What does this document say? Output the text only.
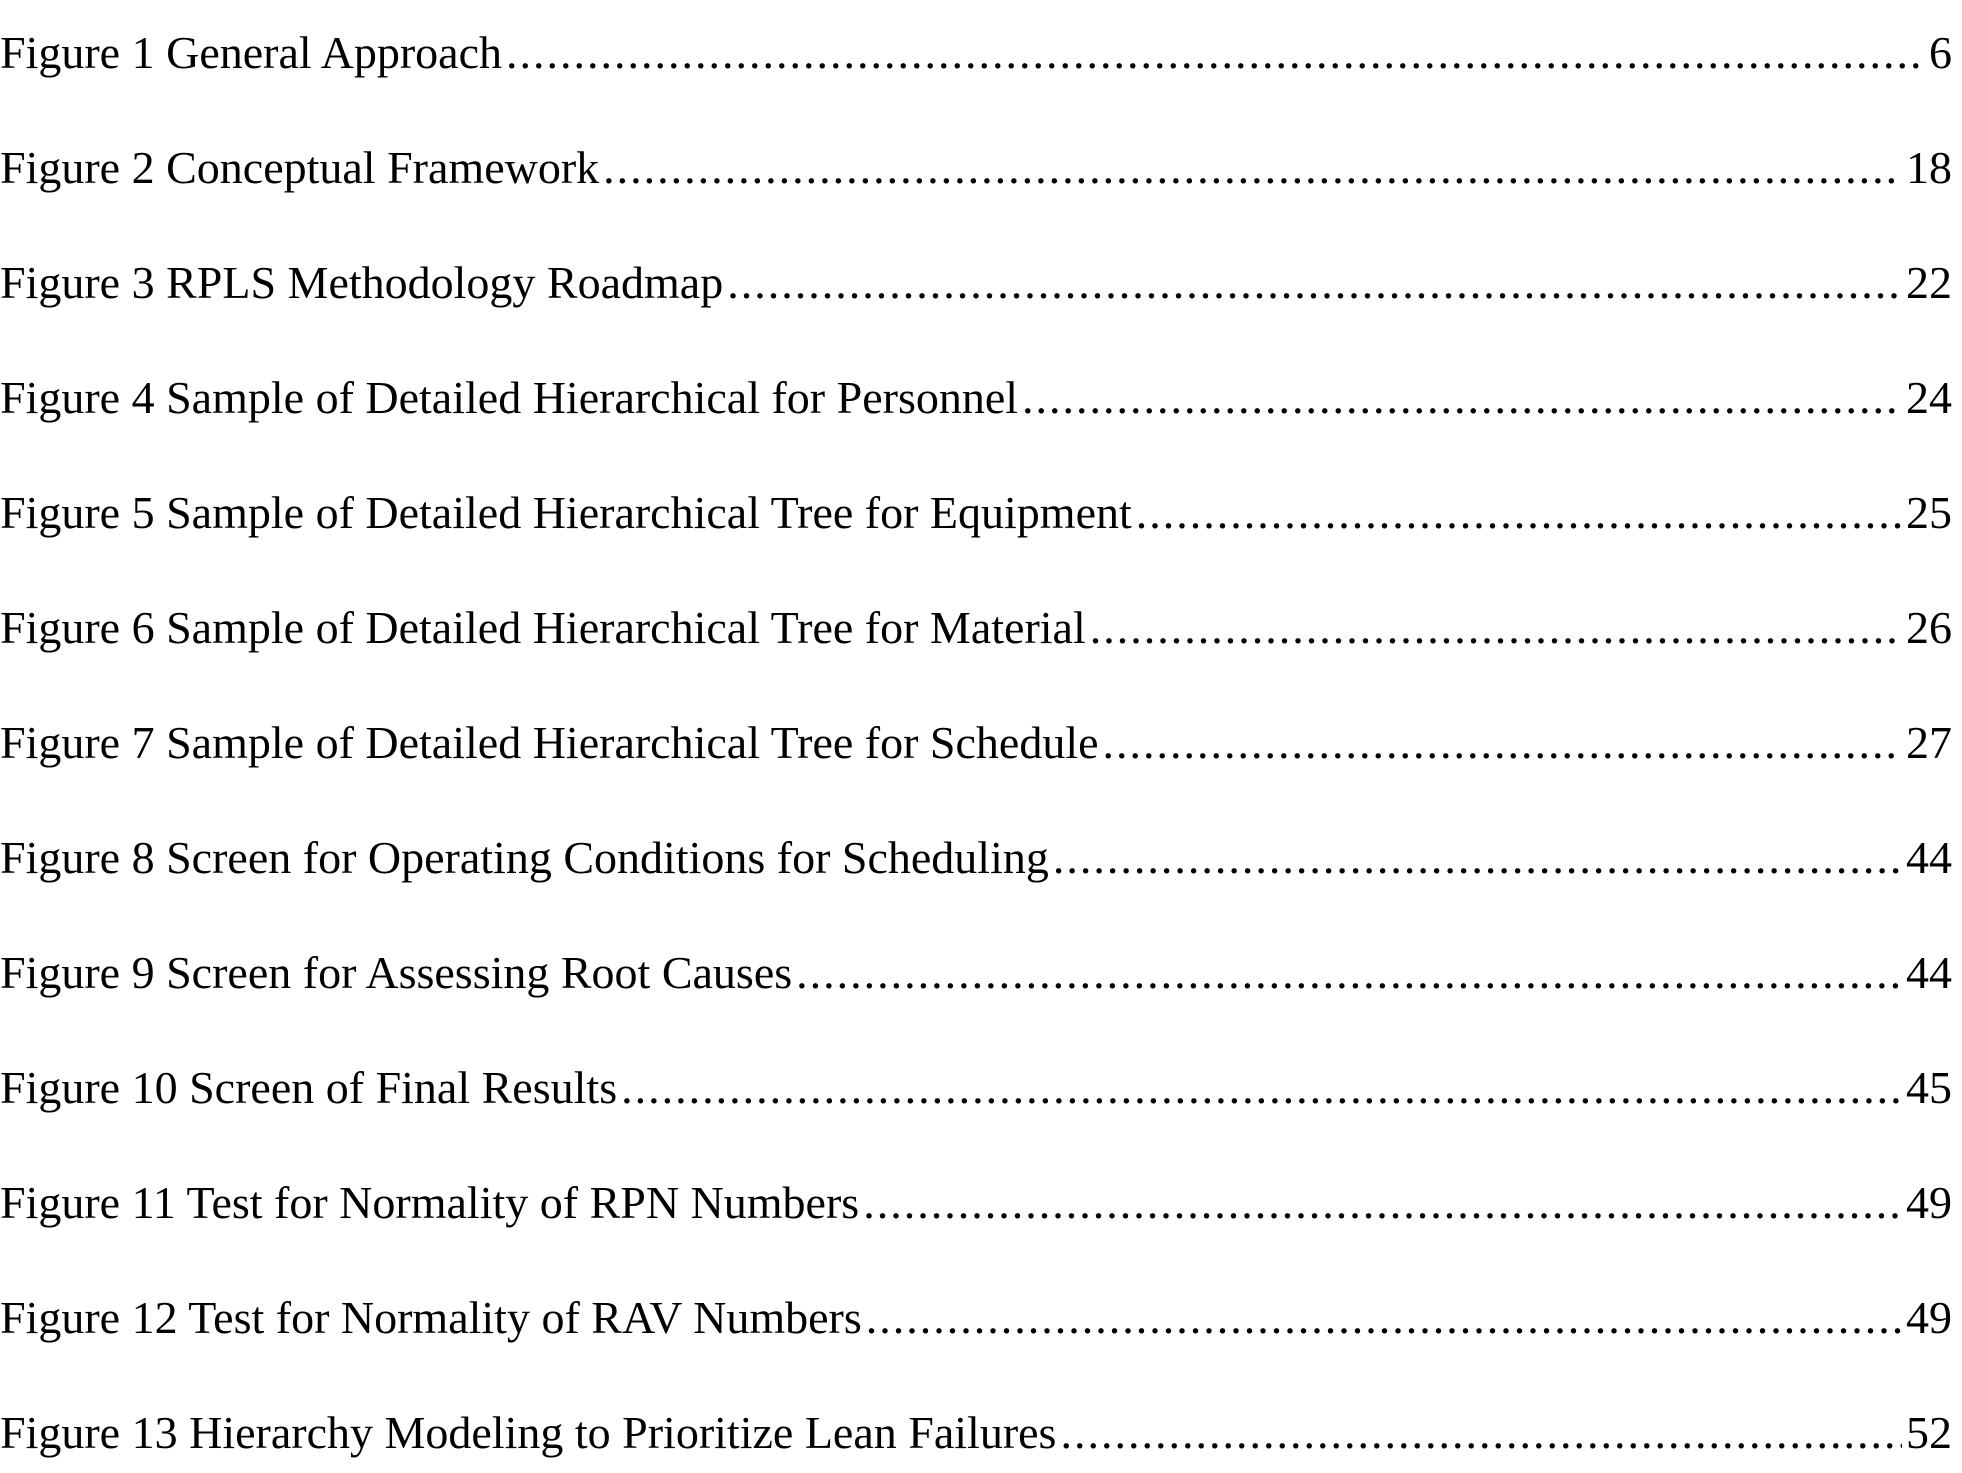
Figure 1 General Approach .....	6
Figure 2 Conceptual Framework .....	18
Figure 3 RPLS Methodology Roadmap .....	22
Figure 4 Sample of Detailed Hierarchical for Personnel .....	24
Figure 5 Sample of Detailed Hierarchical Tree for Equipment .....	25
Figure 6 Sample of Detailed Hierarchical Tree for Material .....	26
Figure 7 Sample of Detailed Hierarchical Tree for Schedule .....	27
Figure 8 Screen for Operating Conditions for Scheduling .....	44
Figure 9 Screen for Assessing Root Causes .....	44
Figure 10 Screen of Final Results .....	45
Figure 11 Test for Normality of RPN Numbers .....	49
Figure 12 Test for Normality of RAV Numbers .....	49
Figure 13 Hierarchy Modeling to Prioritize Lean Failures .....	52
